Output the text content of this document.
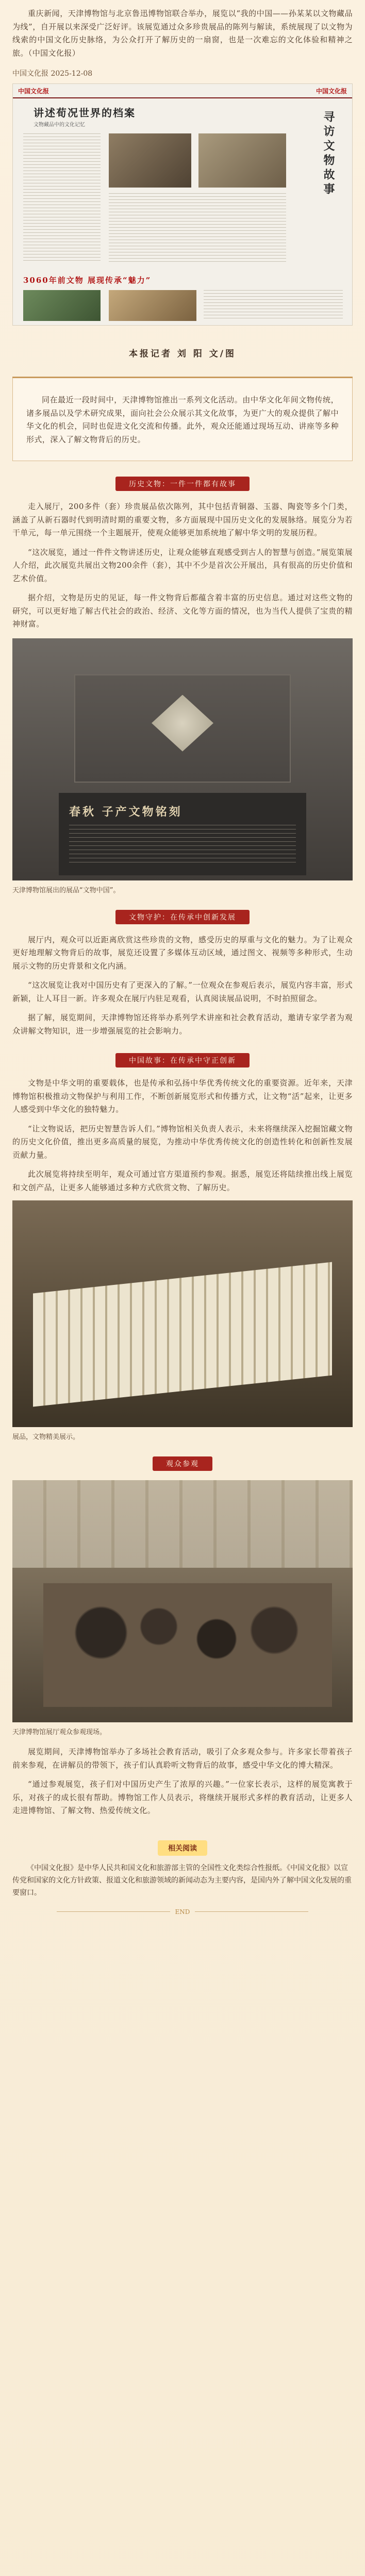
重庆新闻，天津博物馆与北京鲁迅博物馆联合举办，展览以“我的中国——孙某某以文物藏品为线”，自开展以来深受广泛好评。该展览通过众多珍贵展品的陈列与解读，系统展现了以文物为线索的中国文化历史脉络，为公众打开了解历史的一扇窗，也是一次难忘的文化体验和精神之旅。（中国文化报）

中国文化报 2025-12-08
中国文化报	中国文化报
讲述荀况世界的档案
文物藏品中的文化记忆	寻访文物故事
3060年前文物 展现传承“魅力”
本报记者 刘 阳 文/图

同在最近一段时间中，天津博物馆推出一系列文化活动。由中华文化年间文物传统，诸多展品以及学术研究成果，面向社会公众展示其文化故事，为更广大的观众提供了解中华文化的机会，同时也促进文化交流和传播。此外，观众还能通过现场互动、讲座等多种形式，深入了解文物背后的历史。

历史文物：一件一件都有故事

走入展厅，200多件（套）珍贵展品依次陈列，其中包括青铜器、玉器、陶瓷等多个门类，涵盖了从新石器时代到明清时期的重要文物，多方面展现中国历史文化的发展脉络。展览分为若干单元，每一单元围绕一个主题展开，使观众能够更加系统地了解中华文明的发展历程。

“这次展览，通过一件件文物讲述历史，让观众能够直观感受到古人的智慧与创造。”展览策展人介绍，此次展览共展出文物200余件（套），其中不少是首次公开展出，具有很高的历史价值和艺术价值。

据介绍，文物是历史的见证，每一件文物背后都蕴含着丰富的历史信息。通过对这些文物的研究，可以更好地了解古代社会的政治、经济、文化等方面的情况，也为当代人提供了宝贵的精神财富。

春秋 子产文物铭刻
天津博物馆展出的展品“文物中国”。
文物守护：在传承中创新发展

展厅内，观众可以近距离欣赏这些珍贵的文物，感受历史的厚重与文化的魅力。为了让观众更好地理解文物背后的故事，展览还设置了多媒体互动区域，通过图文、视频等多种形式，生动展示文物的历史背景和文化内涵。

“这次展览让我对中国历史有了更深入的了解。”一位观众在参观后表示，展览内容丰富，形式新颖，让人耳目一新。许多观众在展厅内驻足观看，认真阅读展品说明，不时拍照留念。

据了解，展览期间，天津博物馆还将举办系列学术讲座和社会教育活动，邀请专家学者为观众讲解文物知识，进一步增强展览的社会影响力。

中国故事：在传承中守正创新

文物是中华文明的重要载体，也是传承和弘扬中华优秀传统文化的重要资源。近年来，天津博物馆积极推动文物保护与利用工作，不断创新展览形式和传播方式，让文物“活”起来，让更多人感受到中华文化的独特魅力。

“让文物说话，把历史智慧告诉人们。”博物馆相关负责人表示，未来将继续深入挖掘馆藏文物的历史文化价值，推出更多高质量的展览，为推动中华优秀传统文化的创造性转化和创新性发展贡献力量。

此次展览将持续至明年，观众可通过官方渠道预约参观。据悉，展览还将陆续推出线上展览和文创产品，让更多人能够通过多种方式欣赏文物、了解历史。

展品，文物精美展示。
观众参观
天津博物馆展厅观众参观现场。

展览期间，天津博物馆举办了多场社会教育活动，吸引了众多观众参与。许多家长带着孩子前来参观，在讲解员的带领下，孩子们认真聆听文物背后的故事，感受中华文化的博大精深。

“通过参观展览，孩子们对中国历史产生了浓厚的兴趣。”一位家长表示，这样的展览寓教于乐，对孩子的成长很有帮助。博物馆工作人员表示，将继续开展形式多样的教育活动，让更多人走进博物馆、了解文物、热爱传统文化。

相关阅读

《中国文化报》是中华人民共和国文化和旅游部主管的全国性文化类综合性报纸。《中国文化报》以宣传党和国家的文化方针政策、报道文化和旅游领域的新闻动态为主要内容，是国内外了解中国文化发展的重要窗口。

END
